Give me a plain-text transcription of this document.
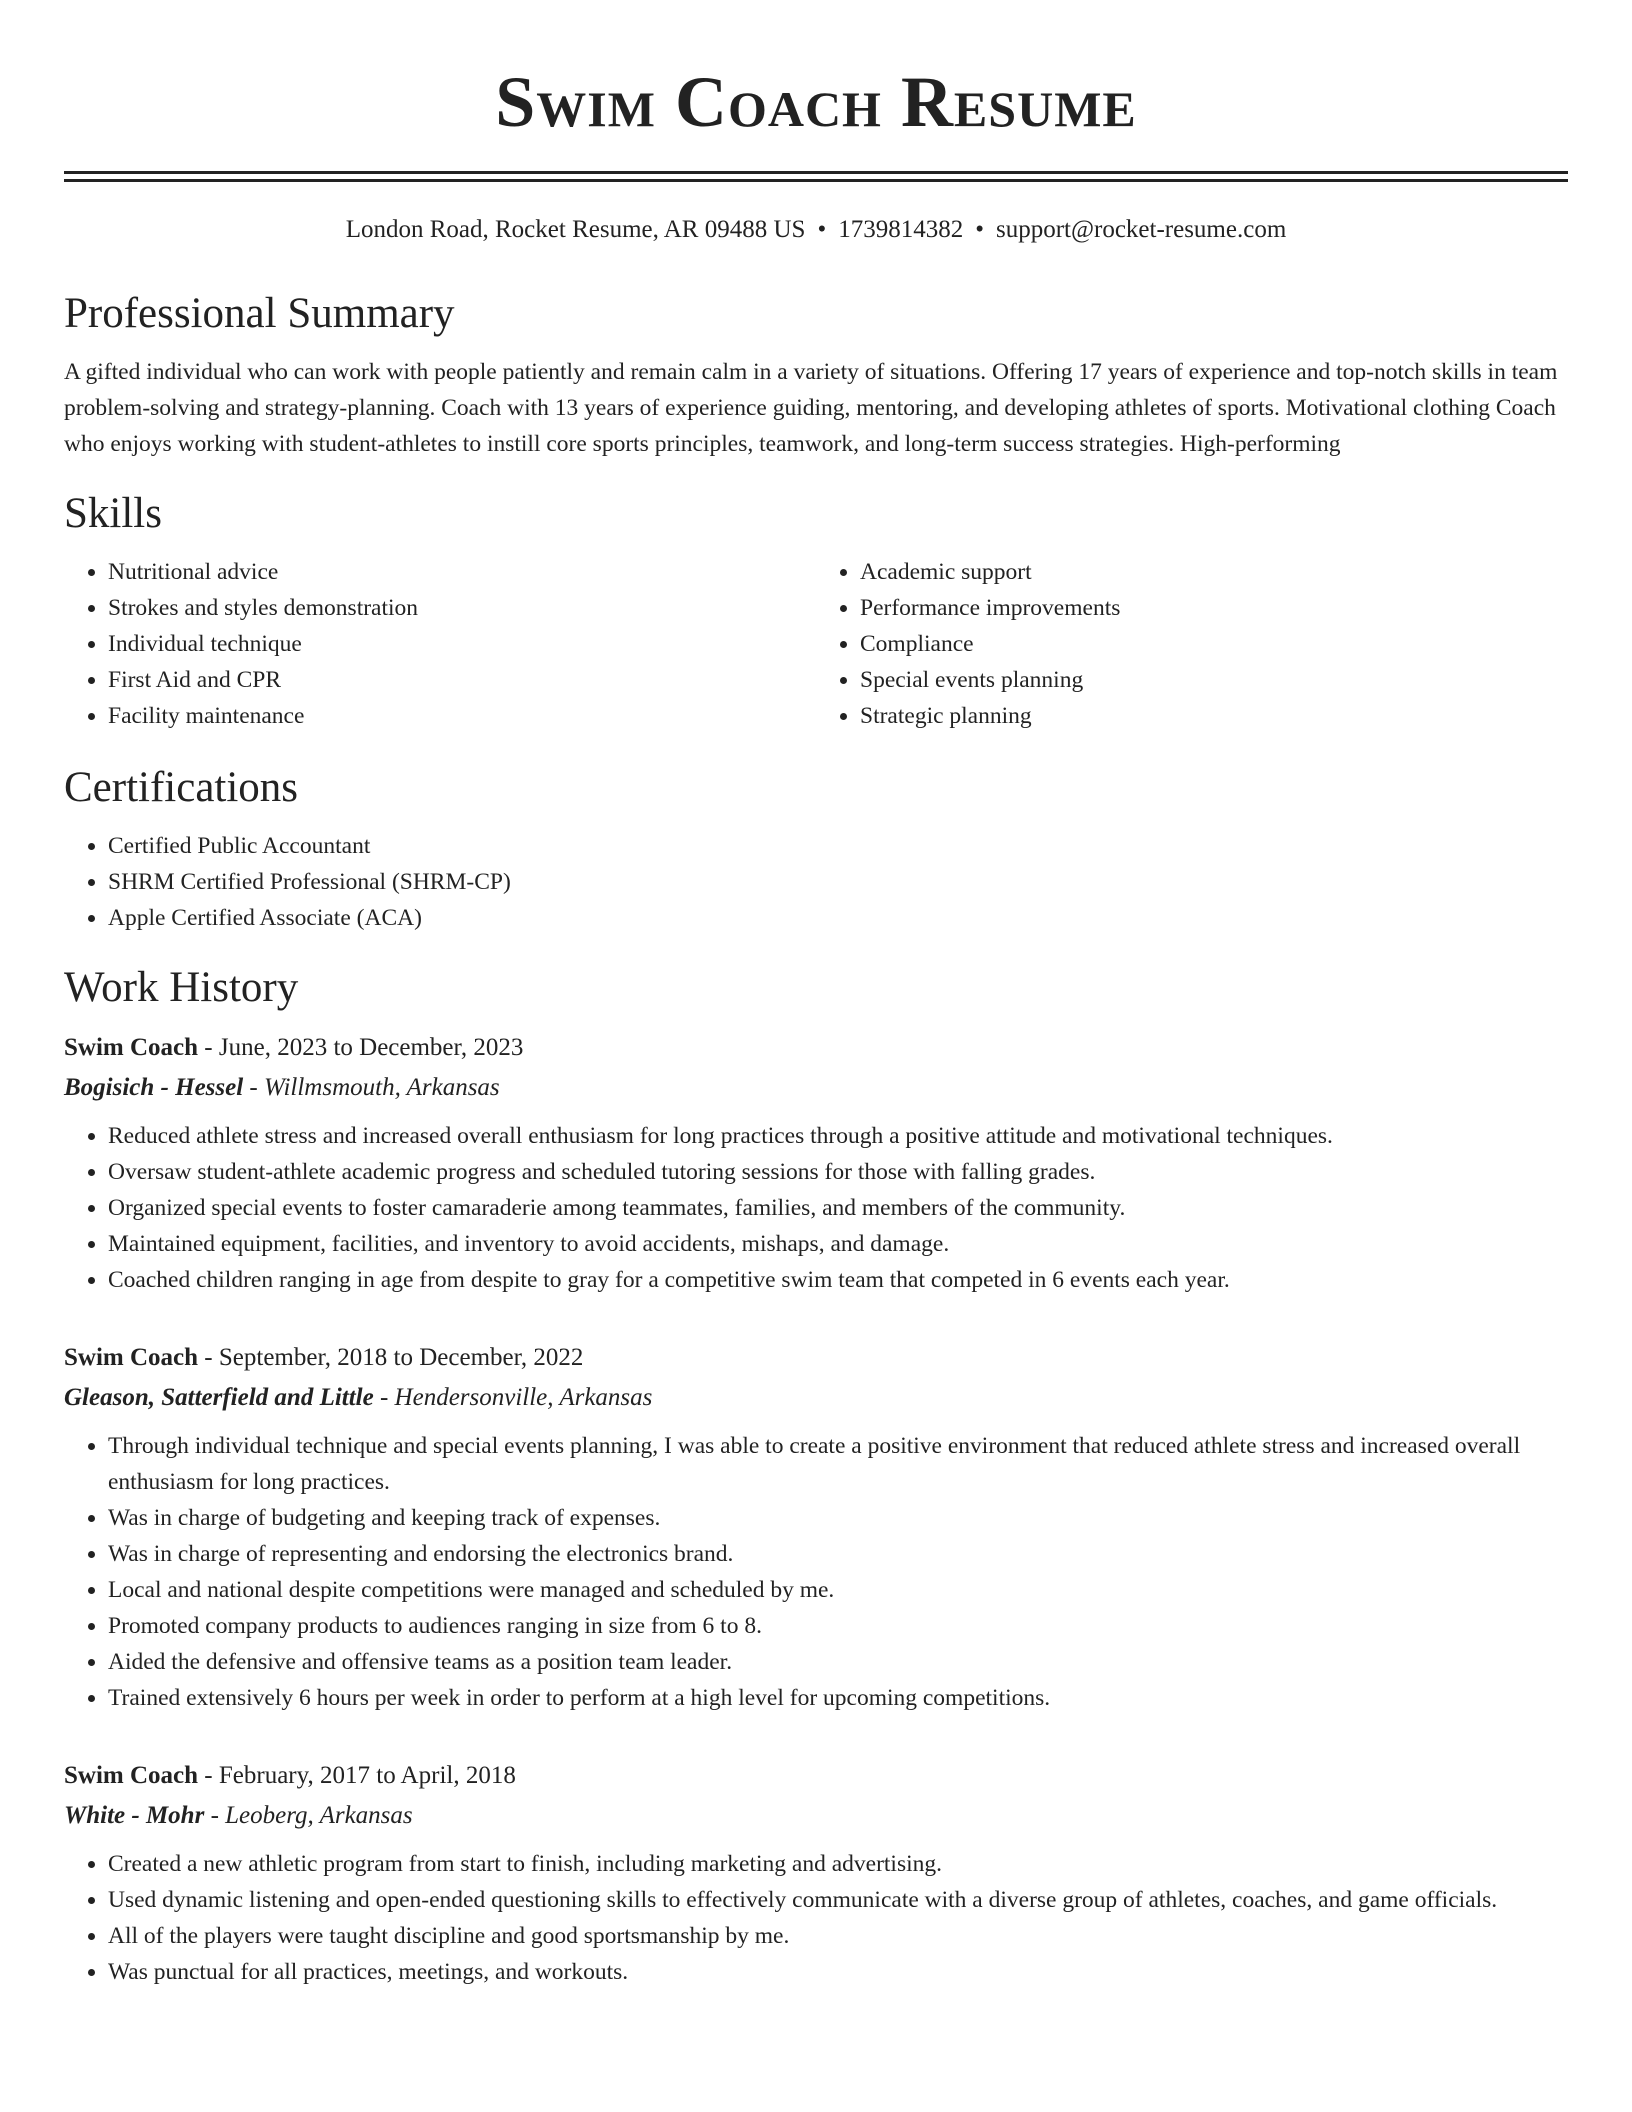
Swim Coach Resume
London Road, Rocket Resume, AR 09488 US • 1739814382 • support@rocket-resume.com
Professional Summary
A gifted individual who can work with people patiently and remain calm in a variety of situations. Offering 17 years of experience and top-notch skills in team problem-solving and strategy-planning. Coach with 13 years of experience guiding, mentoring, and developing athletes of sports. Motivational clothing Coach who enjoys working with student-athletes to instill core sports principles, teamwork, and long-term success strategies. High-performing
Skills
• Nutritional advice
• Strokes and styles demonstration
• Individual technique
• First Aid and CPR
• Facility maintenance
• Academic support
• Performance improvements
• Compliance
• Special events planning
• Strategic planning
Certifications
• Certified Public Accountant
• SHRM Certified Professional (SHRM-CP)
• Apple Certified Associate (ACA)
Work History
Swim Coach - June, 2023 to December, 2023
Bogisich - Hessel - Willmsmouth, Arkansas
• Reduced athlete stress and increased overall enthusiasm for long practices through a positive attitude and motivational techniques.
• Oversaw student-athlete academic progress and scheduled tutoring sessions for those with falling grades.
• Organized special events to foster camaraderie among teammates, families, and members of the community.
• Maintained equipment, facilities, and inventory to avoid accidents, mishaps, and damage.
• Coached children ranging in age from despite to gray for a competitive swim team that competed in 6 events each year.
Swim Coach - September, 2018 to December, 2022
Gleason, Satterfield and Little - Hendersonville, Arkansas
• Through individual technique and special events planning, I was able to create a positive environment that reduced athlete stress and increased overall enthusiasm for long practices.
• Was in charge of budgeting and keeping track of expenses.
• Was in charge of representing and endorsing the electronics brand.
• Local and national despite competitions were managed and scheduled by me.
• Promoted company products to audiences ranging in size from 6 to 8.
• Aided the defensive and offensive teams as a position team leader.
• Trained extensively 6 hours per week in order to perform at a high level for upcoming competitions.
Swim Coach - February, 2017 to April, 2018
White - Mohr - Leoberg, Arkansas
• Created a new athletic program from start to finish, including marketing and advertising.
• Used dynamic listening and open-ended questioning skills to effectively communicate with a diverse group of athletes, coaches, and game officials.
• All of the players were taught discipline and good sportsmanship by me.
• Was punctual for all practices, meetings, and workouts.
